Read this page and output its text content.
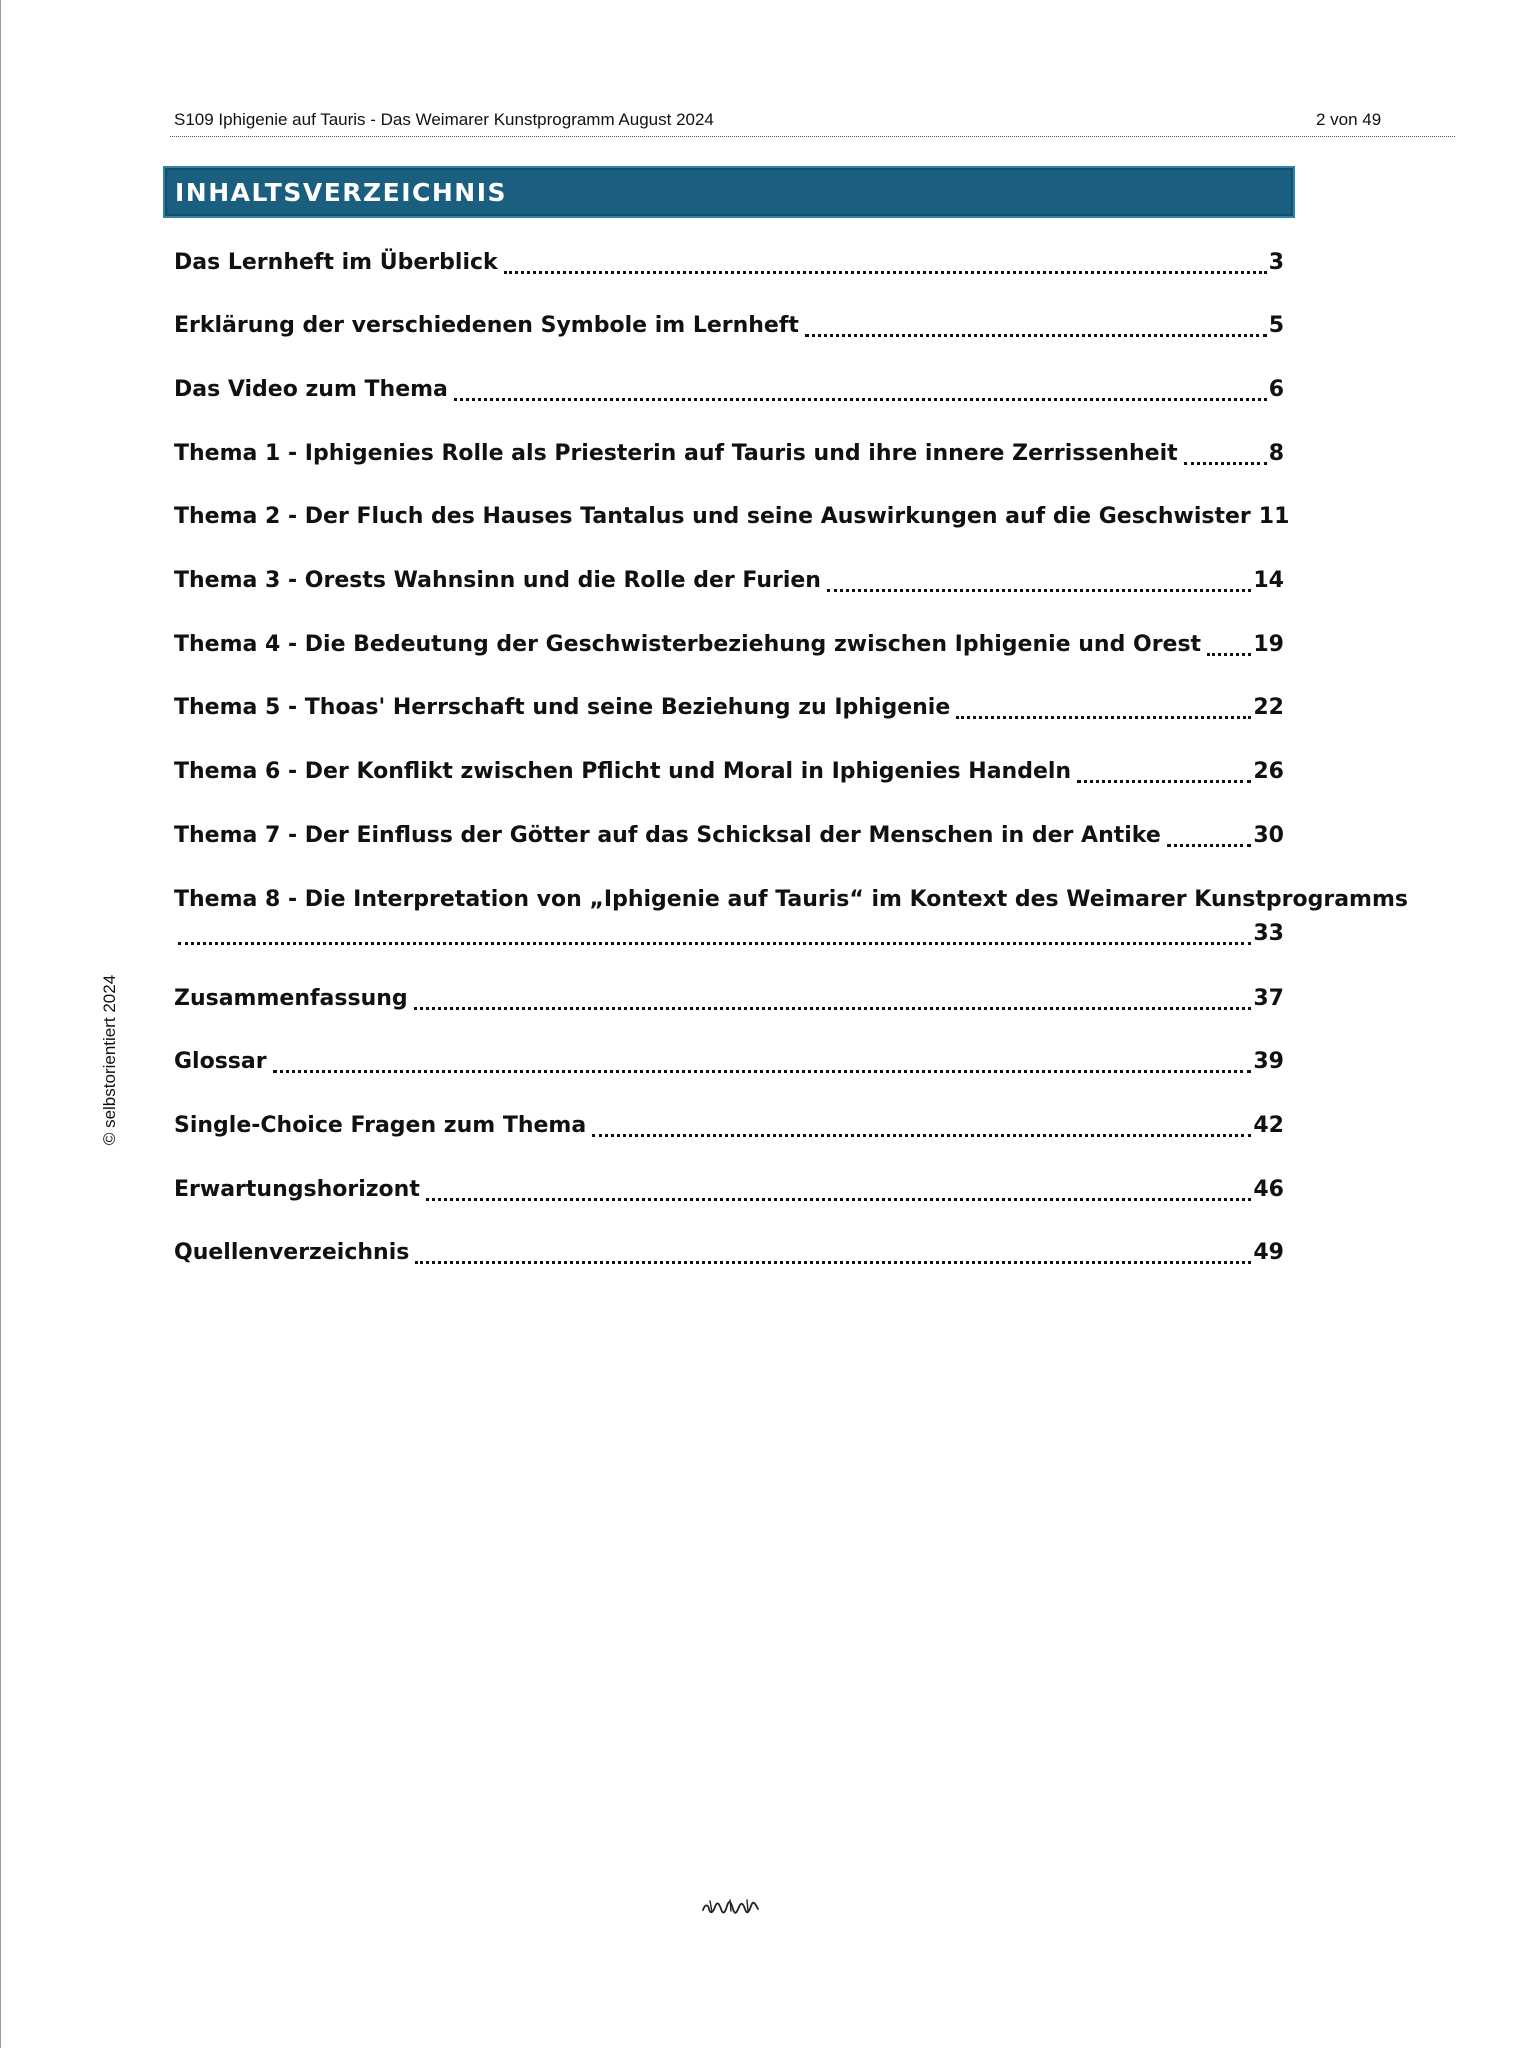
S109 Iphigenie auf Tauris - Das Weimarer Kunstprogramm August 2024	2 von 49
INHALTSVERZEICHNIS
Das Lernheft im Überblick	3
Erklärung der verschiedenen Symbole im Lernheft	5
Das Video zum Thema	6
Thema 1 - Iphigenies Rolle als Priesterin auf Tauris und ihre innere Zerrissenheit	8
Thema 2 - Der Fluch des Hauses Tantalus und seine Auswirkungen auf die Geschwister 11
Thema 3 - Orests Wahnsinn und die Rolle der Furien	14
Thema 4 - Die Bedeutung der Geschwisterbeziehung zwischen Iphigenie und Orest 19
Thema 5 - Thoas' Herrschaft und seine Beziehung zu Iphigenie	22
Thema 6 - Der Konflikt zwischen Pflicht und Moral in Iphigenies Handeln	26
Thema 7 - Der Einfluss der Götter auf das Schicksal der Menschen in der Antike	30
Thema 8 - Die Interpretation von „Iphigenie auf Tauris“ im Kontext des Weimarer Kunstprogramms
33
Zusammenfassung	37
Glossar	39
Single-Choice Fragen zum Thema	42
Erwartungshorizont	46
Quellenverzeichnis	49
© selbstorientiert 2024
